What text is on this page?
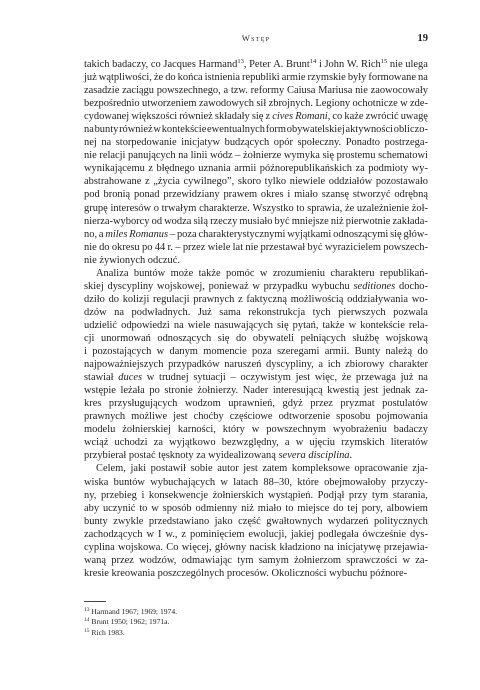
Wstęp	19
takich badaczy, co Jacques Harmand$^{13}$, Peter A. Brunt$^{14}$ i John W. Rich$^{15}$ nie ulega
już wątpliwości, że do końca istnienia republiki armie rzymskie były formowane na
zasadzie zaciągu powszechnego, a tzw. reformy Caiusa Mariusa nie zaowocowały
bezpośrednio utworzeniem zawodowych sił zbrojnych. Legiony ochotnicze w zde-
cydowanej większości również składały się z cives Romani, co każe zwrócić uwagę
na bunty również w kontekście ewentualnych form obywatelskiej aktywności obliczo-
nej na storpedowanie inicjatyw budzących opór społeczny. Ponadto postrzega-
nie relacji panujących na linii wódz – żołnierze wymyka się prostemu schematowi
wynikającemu z błędnego uznania armii późnorepublikańskich za podmioty wy-
abstrahowane z „życia cywilnego”, skoro tylko niewiele oddziałów pozostawało
pod bronią ponad przewidziany prawem okres i miało szansę stworzyć odrębną
grupę interesów o trwałym charakterze. Wszystko to sprawia, że uzależnienie żoł-
nierza-wyborcy od wodza siłą rzeczy musiało być mniejsze niż pierwotnie zakłada-
no, a miles Romanus – poza charakterystycznymi wyjątkami odnoszącymi się głów-
nie do okresu po 44 r. – przez wiele lat nie przestawał być wyrazicielem powszech-
nie żywionych odczuć.
Analiza buntów może także pomóc w zrozumieniu charakteru republikań-
skiej dyscypliny wojskowej, ponieważ w przypadku wybuchu seditiones docho-
dziło do kolizji regulacji prawnych z faktyczną możliwością oddziaływania wo-
dzów na podwładnych. Już sama rekonstrukcja tych pierwszych pozwala
udzielić odpowiedzi na wiele nasuwających się pytań, także w kontekście rela-
cji unormowań odnoszących się do obywateli pełniących służbę wojskową
i pozostających w danym momencie poza szeregami armii. Bunty należą do
najpoważniejszych przypadków naruszeń dyscypliny, a ich zbiorowy charakter
stawiał duces w trudnej sytuacji – oczywistym jest więc, że przewaga już na
wstępie leżała po stronie żołnierzy. Nader interesującą kwestią jest jednak za-
kres przysługujących wodzom uprawnień, gdyż przez pryzmat postulatów
prawnych możliwe jest choćby częściowe odtworzenie sposobu pojmowania
modelu żołnierskiej karności, który w powszechnym wyobrażeniu badaczy
wciąż uchodzi za wyjątkowo bezwzględny, a w ujęciu rzymskich literatów
przybierał postać tęsknoty za wyidealizowaną severa disciplina.
Celem, jaki postawił sobie autor jest zatem kompleksowe opracowanie zja-
wiska buntów wybuchających w latach 88–30, które obejmowałoby przyczy-
ny, przebieg i konsekwencje żołnierskich wystąpień. Podjął przy tym starania,
aby uczynić to w sposób odmienny niż miało to miejsce do tej pory, albowiem
bunty zwykle przedstawiano jako część gwałtownych wydarzeń politycznych
zachodzących w I w., z pominięciem ewolucji, jakiej podlegała ówcześnie dys-
cyplina wojskowa. Co więcej, główny nacisk kładziono na inicjatywę przejawia-
waną przez wodzów, odmawiając tym samym żołnierzom sprawczości w za-
kresie kreowania poszczególnych procesów. Okoliczności wybuchu późnore-
$^{13}$ Harmand 1967; 1969; 1974.
$^{14}$ Brunt 1950; 1962; 1971a.
$^{15}$ Rich 1983.
